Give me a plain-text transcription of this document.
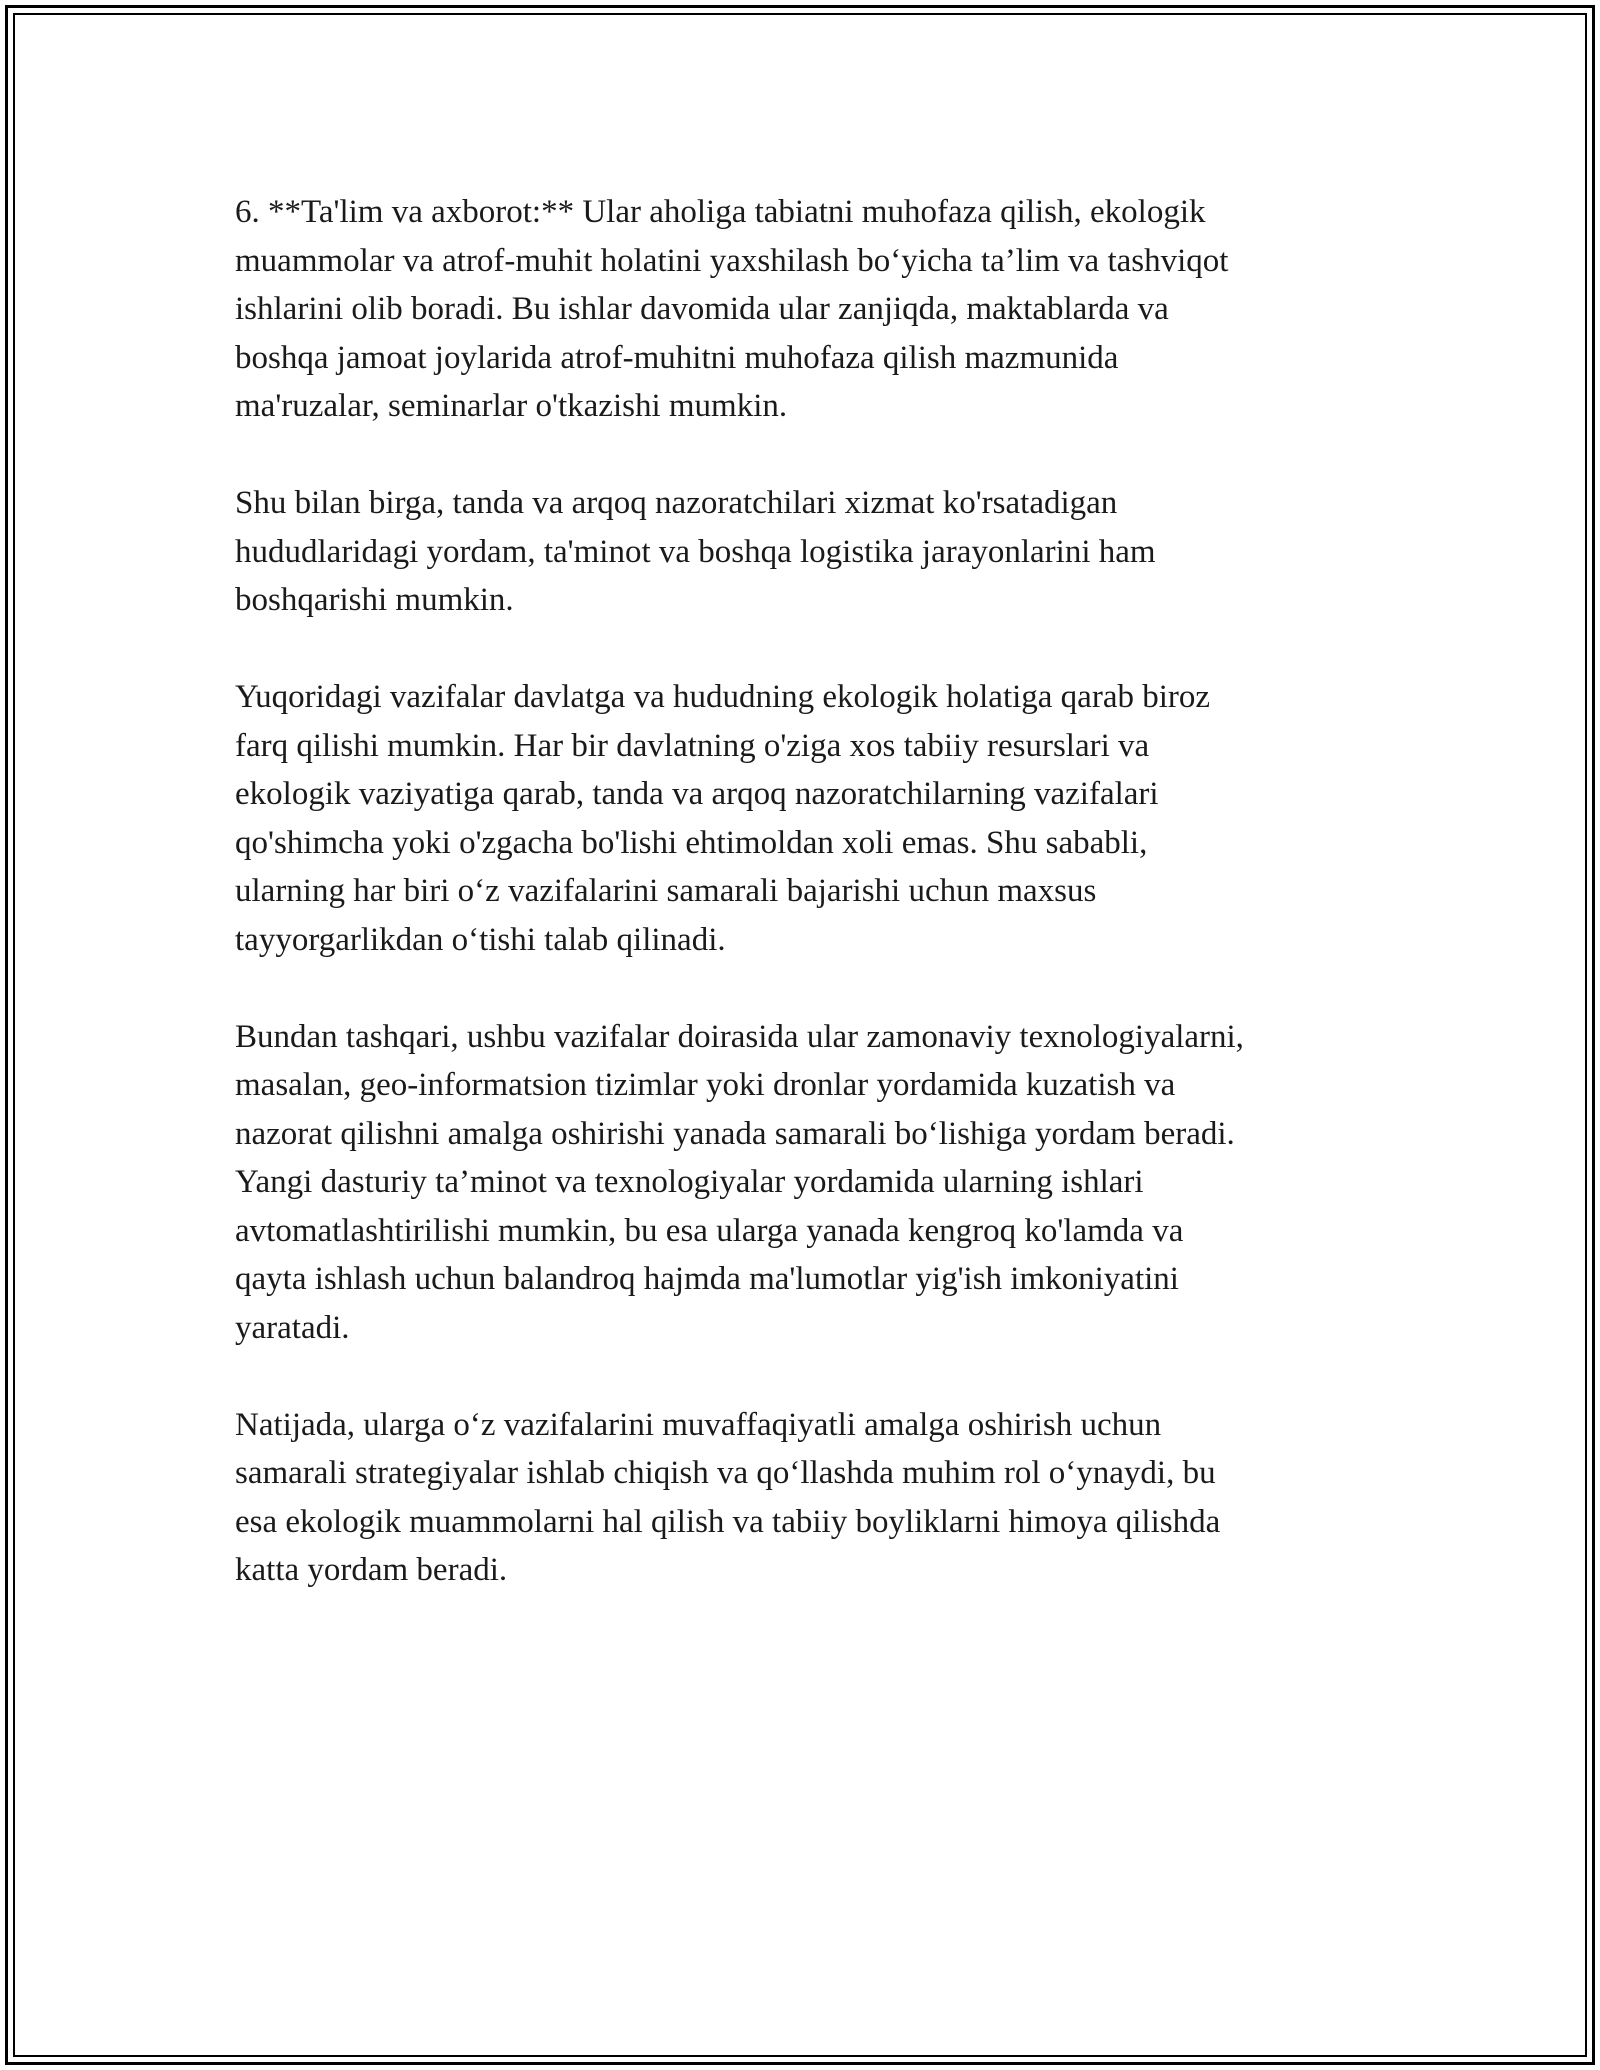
6. **Ta'lim va axborot:** Ular aholiga tabiatni muhofaza qilish, ekologik
muammolar va atrof-muhit holatini yaxshilash bo‘yicha ta’lim va tashviqot
ishlarini olib boradi. Bu ishlar davomida ular zanjiqda, maktablarda va
boshqa jamoat joylarida atrof-muhitni muhofaza qilish mazmunida
ma'ruzalar, seminarlar o'tkazishi mumkin.

Shu bilan birga, tanda va arqoq nazoratchilari xizmat ko'rsatadigan
hududlaridagi yordam, ta'minot va boshqa logistika jarayonlarini ham
boshqarishi mumkin.

Yuqoridagi vazifalar davlatga va hududning ekologik holatiga qarab biroz
farq qilishi mumkin. Har bir davlatning o'ziga xos tabiiy resurslari va
ekologik vaziyatiga qarab, tanda va arqoq nazoratchilarning vazifalari
qo'shimcha yoki o'zgacha bo'lishi ehtimoldan xoli emas. Shu sababli,
ularning har biri o‘z vazifalarini samarali bajarishi uchun maxsus
tayyorgarlikdan o‘tishi talab qilinadi.

Bundan tashqari, ushbu vazifalar doirasida ular zamonaviy texnologiyalarni,
masalan, geo-informatsion tizimlar yoki dronlar yordamida kuzatish va
nazorat qilishni amalga oshirishi yanada samarali bo‘lishiga yordam beradi.
Yangi dasturiy ta’minot va texnologiyalar yordamida ularning ishlari
avtomatlashtirilishi mumkin, bu esa ularga yanada kengroq ko'lamda va
qayta ishlash uchun balandroq hajmda ma'lumotlar yig'ish imkoniyatini
yaratadi.

Natijada, ularga o‘z vazifalarini muvaffaqiyatli amalga oshirish uchun
samarali strategiyalar ishlab chiqish va qo‘llashda muhim rol o‘ynaydi, bu
esa ekologik muammolarni hal qilish va tabiiy boyliklarni himoya qilishda
katta yordam beradi.
